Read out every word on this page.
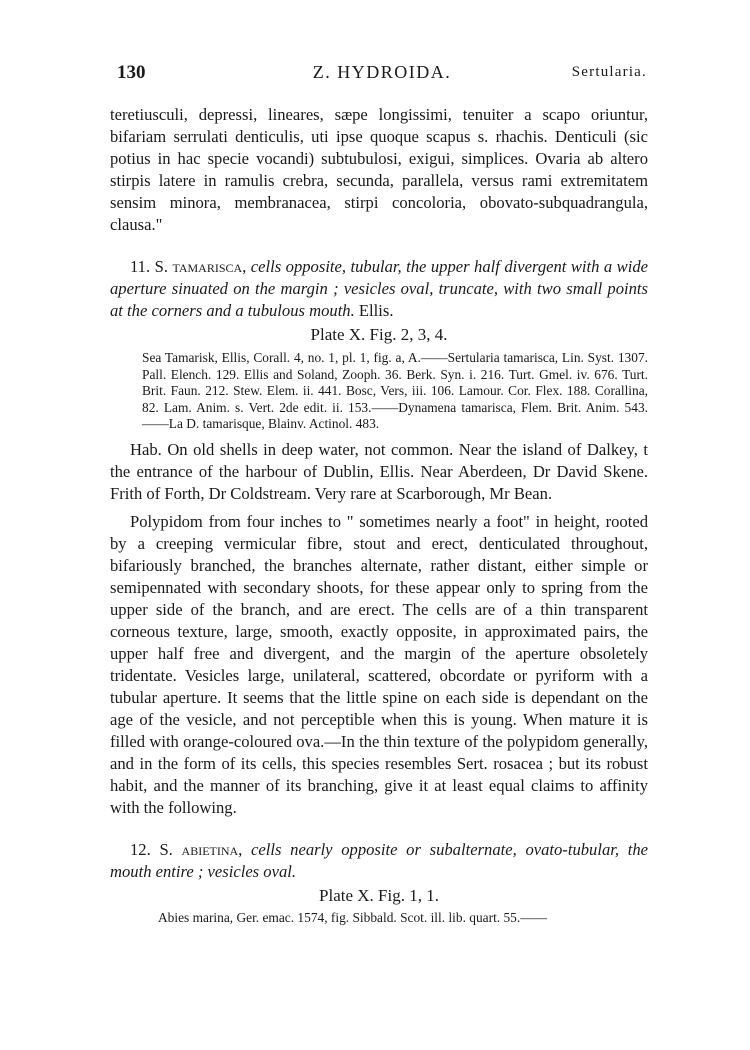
130	Z. HYDROIDA.	Sertularia.

teretiusculi, depressi, lineares, sæpe longissimi, tenuiter a scapo oriuntur, bifariam serrulati denticulis, uti ipse quoque scapus s. rhachis. Denticuli (sic potius in hac specie vocandi) subtubulosi, exigui, simplices. Ovaria ab altero stirpis latere in ramulis crebra, secunda, parallela, versus rami extremitatem sensim minora, membranacea, stirpi concoloria, obovato-subquadrangula, clausa."

11. S. tamarisca, cells opposite, tubular, the upper half divergent with a wide aperture sinuated on the margin ; vesicles oval, truncate, with two small points at the corners and a tubulous mouth. Ellis.

Plate X. Fig. 2, 3, 4.

Sea Tamarisk, Ellis, Corall. 4, no. 1, pl. 1, fig. a, A.——Sertularia tamarisca, Lin. Syst. 1307. Pall. Elench. 129. Ellis and Soland, Zooph. 36. Berk. Syn. i. 216. Turt. Gmel. iv. 676. Turt. Brit. Faun. 212. Stew. Elem. ii. 441. Bosc, Vers, iii. 106. Lamour. Cor. Flex. 188. Corallina, 82. Lam. Anim. s. Vert. 2de edit. ii. 153.——Dynamena tamarisca, Flem. Brit. Anim. 543.——La D. tamarisque, Blainv. Actinol. 483.

Hab. On old shells in deep water, not common. Near the island of Dalkey, t the entrance of the harbour of Dublin, Ellis. Near Aberdeen, Dr David Skene. Frith of Forth, Dr Coldstream. Very rare at Scarborough, Mr Bean.

Polypidom from four inches to " sometimes nearly a foot" in height, rooted by a creeping vermicular fibre, stout and erect, denticulated throughout, bifariously branched, the branches alternate, rather distant, either simple or semipennated with secondary shoots, for these appear only to spring from the upper side of the branch, and are erect. The cells are of a thin transparent corneous texture, large, smooth, exactly opposite, in approximated pairs, the upper half free and divergent, and the margin of the aperture obsoletely tridentate. Vesicles large, unilateral, scattered, obcordate or pyriform with a tubular aperture. It seems that the little spine on each side is dependant on the age of the vesicle, and not perceptible when this is young. When mature it is filled with orange-coloured ova.—In the thin texture of the polypidom generally, and in the form of its cells, this species resembles Sert. rosacea ; but its robust habit, and the manner of its branching, give it at least equal claims to affinity with the following.

12. S. abietina, cells nearly opposite or subalternate, ovato-tubular, the mouth entire ; vesicles oval.

Plate X. Fig. 1, 1.

Abies marina, Ger. emac. 1574, fig. Sibbald. Scot. ill. lib. quart. 55.——
